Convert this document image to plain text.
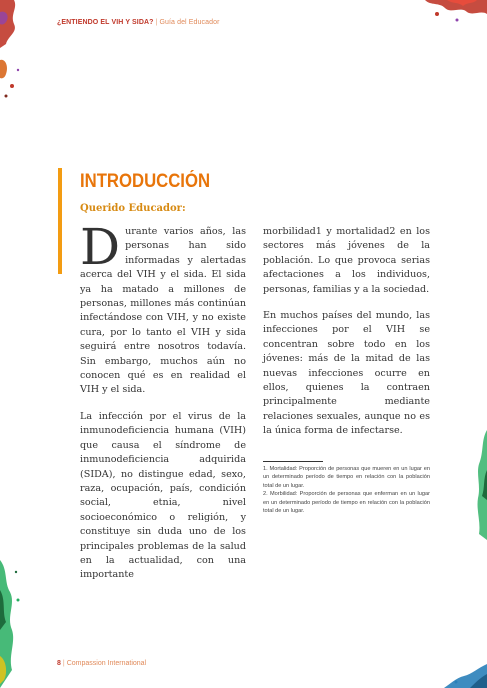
¿ENTIENDO EL VIH Y SIDA? | Guía del Educador
INTRODUCCIÓN

Querido Educador:

Durante varios años, las personas han sido informadas y alertadas acerca del VIH y el sida. El sida ya ha matado a millones de personas, millones más continúan infectándose con VIH, y no existe cura, por lo tanto el VIH y sida seguirá entre nosotros todavía. Sin embargo, muchos aún no conocen qué es en realidad el VIH y el sida.

La infección por el virus de la inmunodeficiencia humana (VIH) que causa el síndrome de inmunodeficiencia adquirida (SIDA), no distingue edad, sexo, raza, ocupación, país, condición social, etnia, nivel socioeconómico o religión, y constituye sin duda uno de los principales problemas de la salud en la actualidad, con una importante

morbilidad1 y mortalidad2 en los sectores más jóvenes de la población. Lo que provoca serias afectaciones a los individuos, personas, familias y a la sociedad.

En muchos países del mundo, las infecciones por el VIH se concentran sobre todo en los jóvenes: más de la mitad de las nuevas infecciones ocurre en ellos, quienes la contraen principalmente mediante relaciones sexuales, aunque no es la única forma de infectarse.

1. Mortalidad: Proporción de personas que mueren en un lugar en un determinado período de tiempo en relación con la población total de un lugar.

2. Morbilidad: Proporción de personas que enferman en un lugar en un determinado período de tiempo en relación con la población total de un lugar.

8 | Compassion International
